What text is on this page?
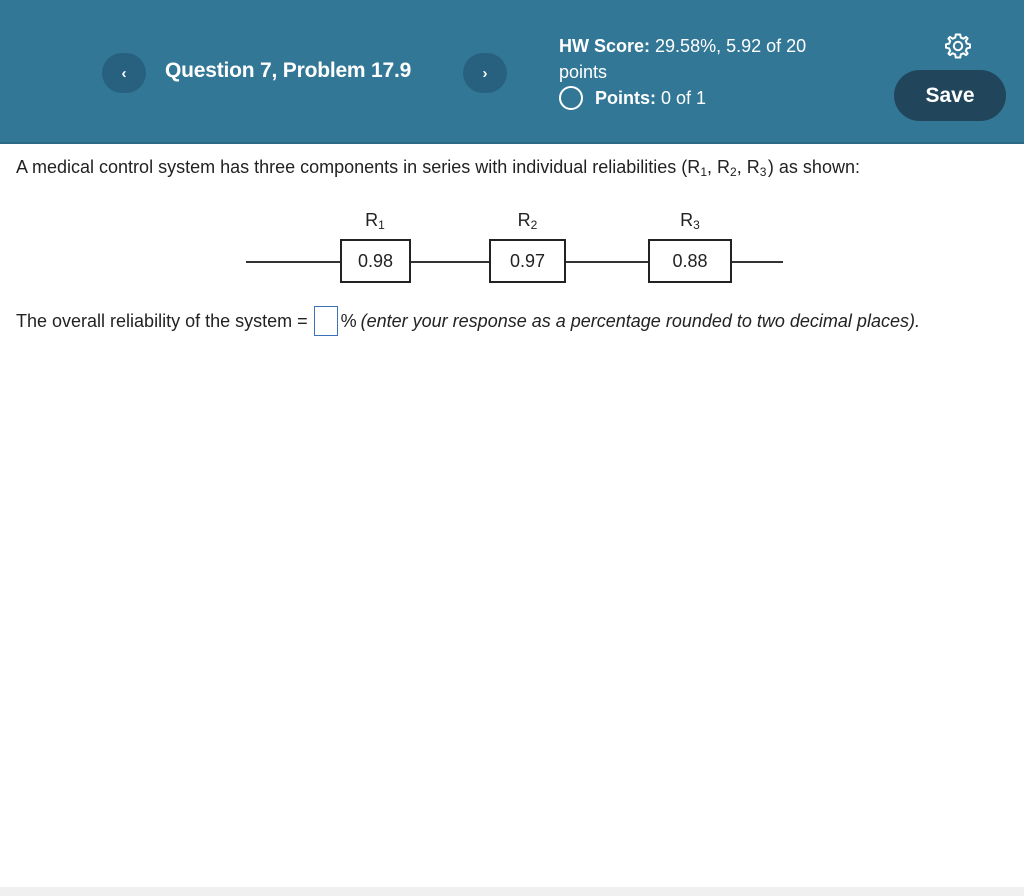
‹ Question 7, Problem 17.9	›
HW Score: 29.58%, 5.92 of 20 points
Points:
0 of 1	Save
A medical control system has three components in series with individual reliabilities ($R_1$, $R_2$, $R_3$ ) as shown:
$R_1$	$R_2$	$R_3$
0.98	0.97	0.88
The overall reliability of the system = % (enter your response as a percentage rounded to two decimal places).
